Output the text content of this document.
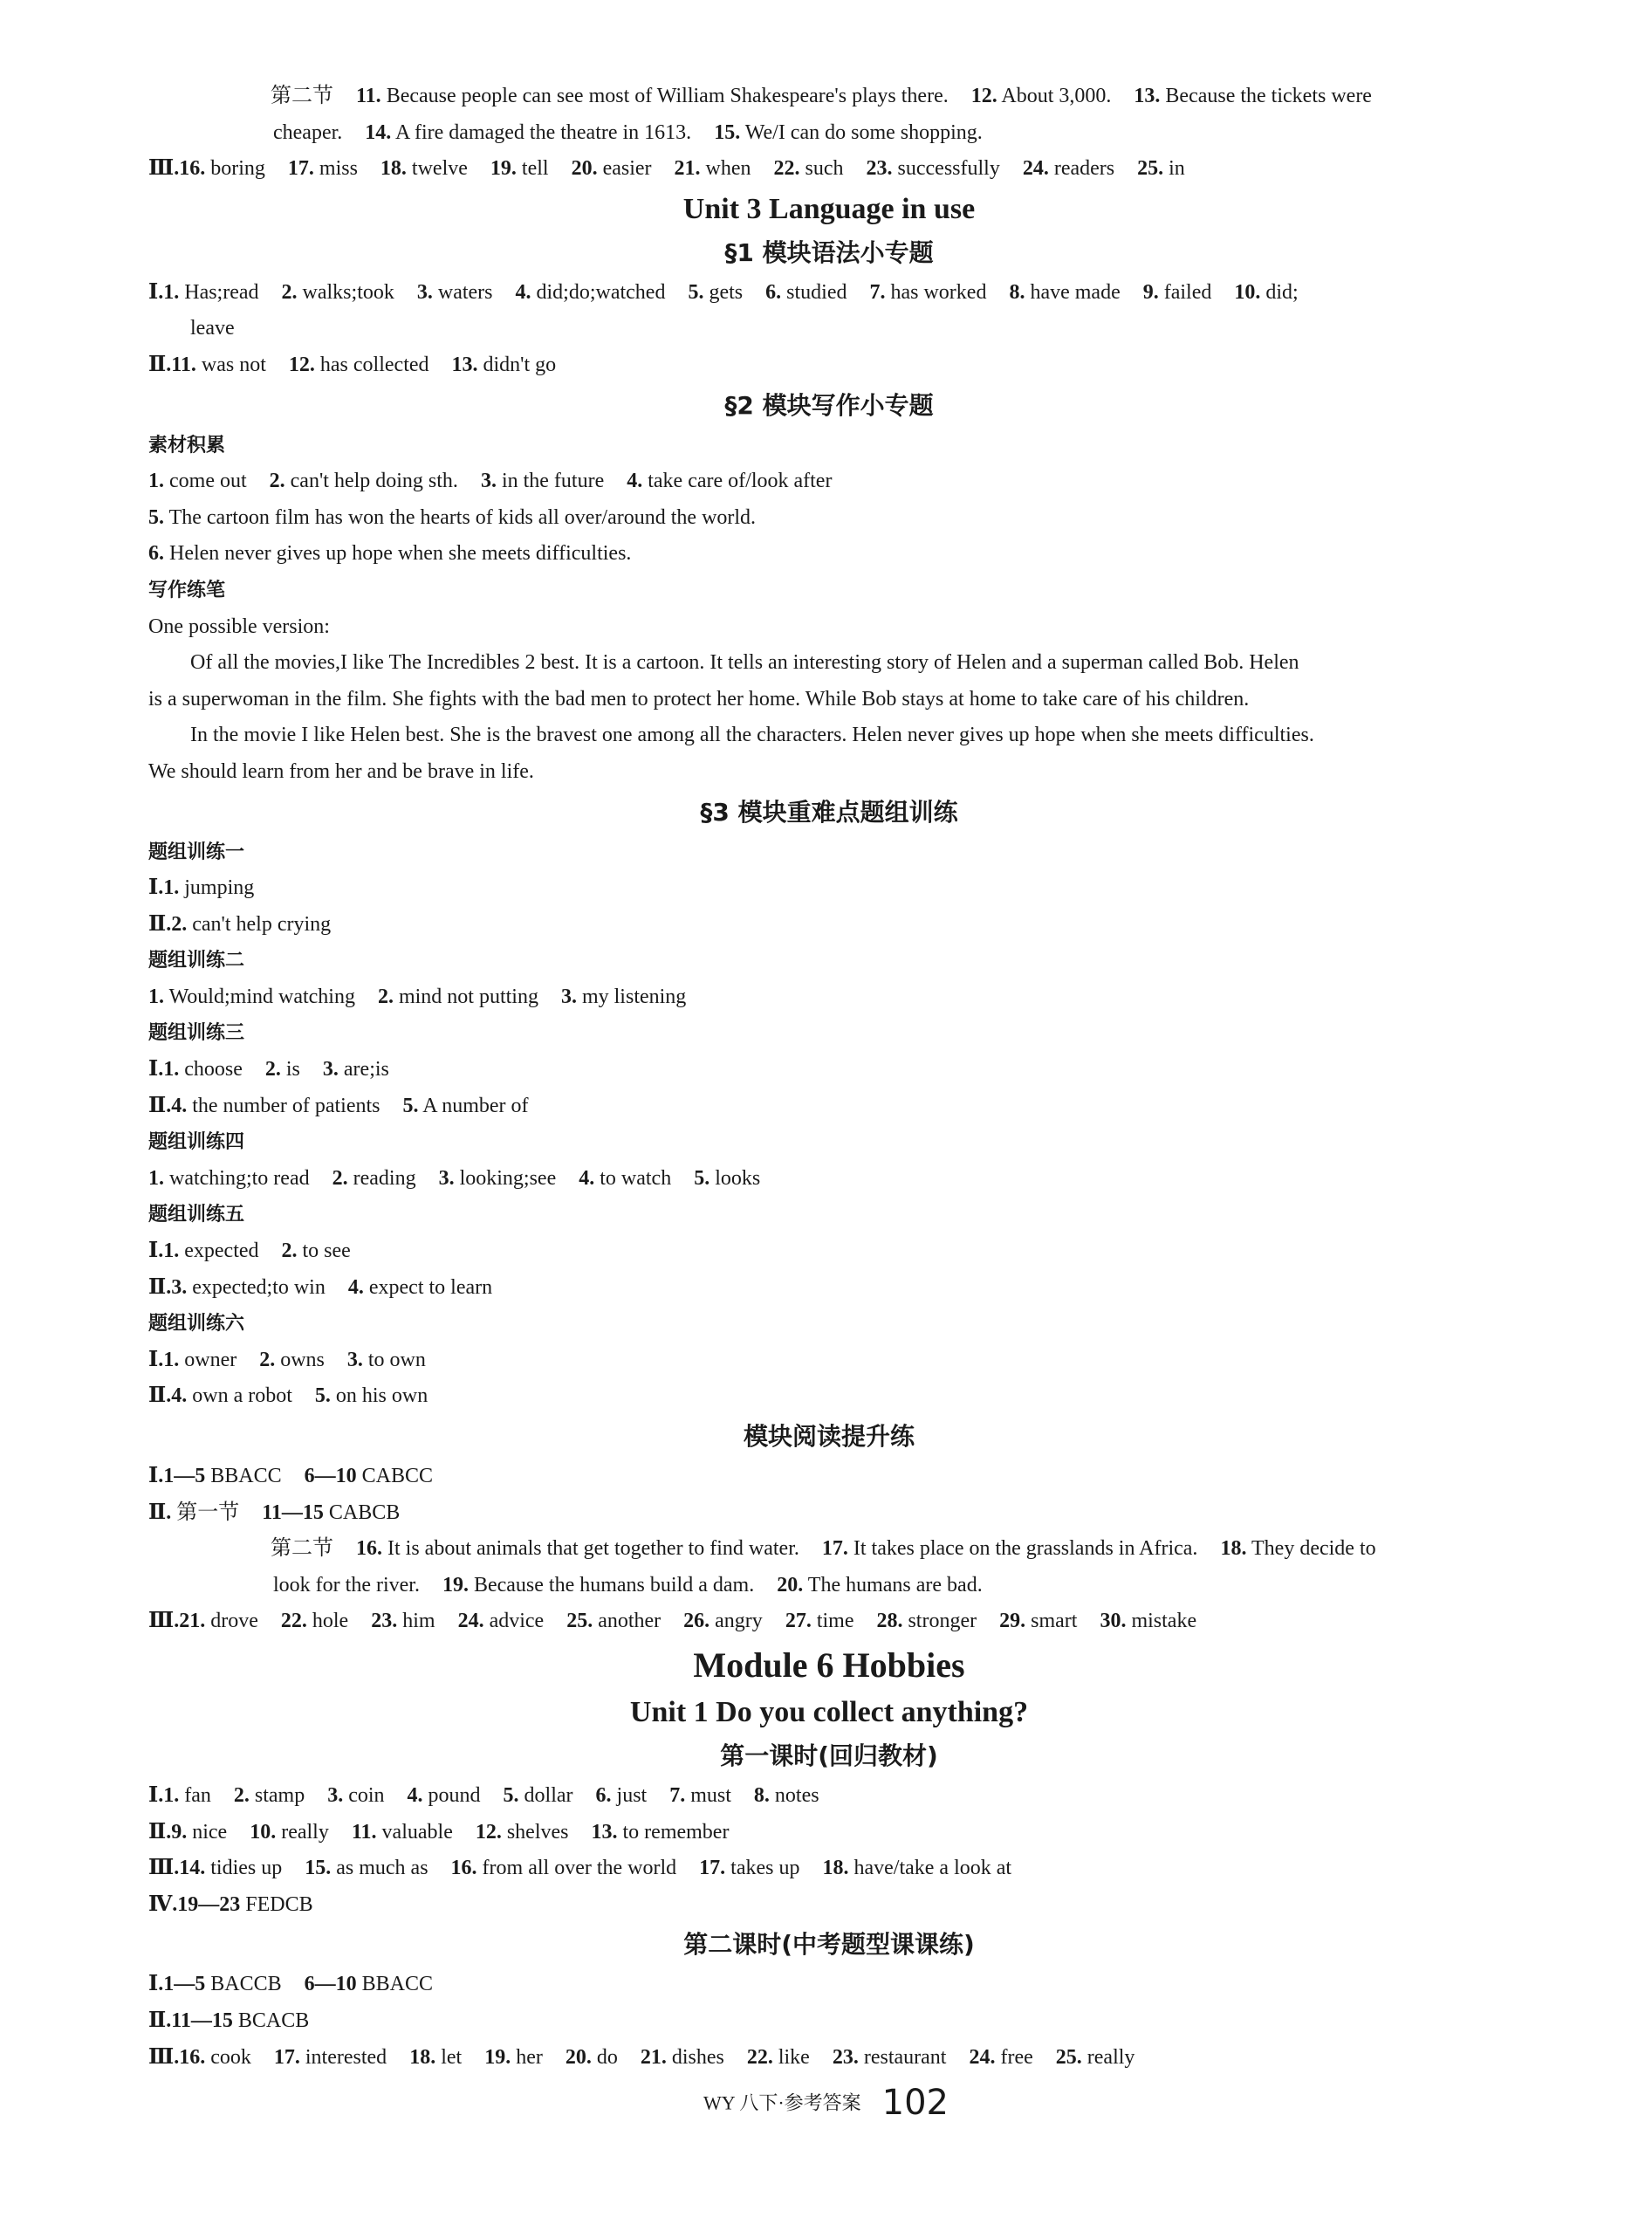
第二节 11. Because people can see most of William Shakespeare's plays there. 12. About 3,000. 13. Because the tickets were
cheaper. 14. A fire damaged the theatre in 1613. 15. We/I can do some shopping.
Ⅲ.16. boring 17. miss 18. twelve 19. tell 20. easier 21. when 22. such 23. successfully 24. readers 25. in
Unit 3 Language in use
§1 模块语法小专题
Ⅰ.1. Has;read 2. walks;took 3. waters 4. did;do;watched 5. gets 6. studied 7. has worked 8. have made 9. failed 10. did;
leave
Ⅱ.11. was not 12. has collected 13. didn't go
§2 模块写作小专题
素材积累
1. come out 2. can't help doing sth. 3. in the future 4. take care of/look after
5. The cartoon film has won the hearts of kids all over/around the world.
6. Helen never gives up hope when she meets difficulties.
写作练笔
One possible version:
Of all the movies,I like The Incredibles 2 best. It is a cartoon. It tells an interesting story of Helen and a superman called Bob. Helen
is a superwoman in the film. She fights with the bad men to protect her home. While Bob stays at home to take care of his children.
In the movie I like Helen best. She is the bravest one among all the characters. Helen never gives up hope when she meets difficulties.
We should learn from her and be brave in life.
§3 模块重难点题组训练
题组训练一
Ⅰ.1. jumping
Ⅱ.2. can't help crying
题组训练二
1. Would;mind watching 2. mind not putting 3. my listening
题组训练三
Ⅰ.1. choose 2. is 3. are;is
Ⅱ.4. the number of patients 5. A number of
题组训练四
1. watching;to read 2. reading 3. looking;see 4. to watch 5. looks
题组训练五
Ⅰ.1. expected 2. to see
Ⅱ.3. expected;to win 4. expect to learn
题组训练六
Ⅰ.1. owner 2. owns 3. to own
Ⅱ.4. own a robot 5. on his own
模块阅读提升练
Ⅰ.1—5 BBACC 6—10 CABCC
Ⅱ. 第一节 11—15 CABCB
第二节 16. It is about animals that get together to find water. 17. It takes place on the grasslands in Africa. 18. They decide to
look for the river. 19. Because the humans build a dam. 20. The humans are bad.
Ⅲ.21. drove 22. hole 23. him 24. advice 25. another 26. angry 27. time 28. stronger 29. smart 30. mistake
Module 6 Hobbies
Unit 1 Do you collect anything?
第一课时(回归教材)
Ⅰ.1. fan 2. stamp 3. coin 4. pound 5. dollar 6. just 7. must 8. notes
Ⅱ.9. nice 10. really 11. valuable 12. shelves 13. to remember
Ⅲ.14. tidies up 15. as much as 16. from all over the world 17. takes up 18. have/take a look at
Ⅳ.19—23 FEDCB
第二课时(中考题型课课练)
Ⅰ.1—5 BACCB 6—10 BBACC
Ⅱ.11—15 BCACB
Ⅲ.16. cook 17. interested 18. let 19. her 20. do 21. dishes 22. like 23. restaurant 24. free 25. really
WY 八下·参考答案 102
